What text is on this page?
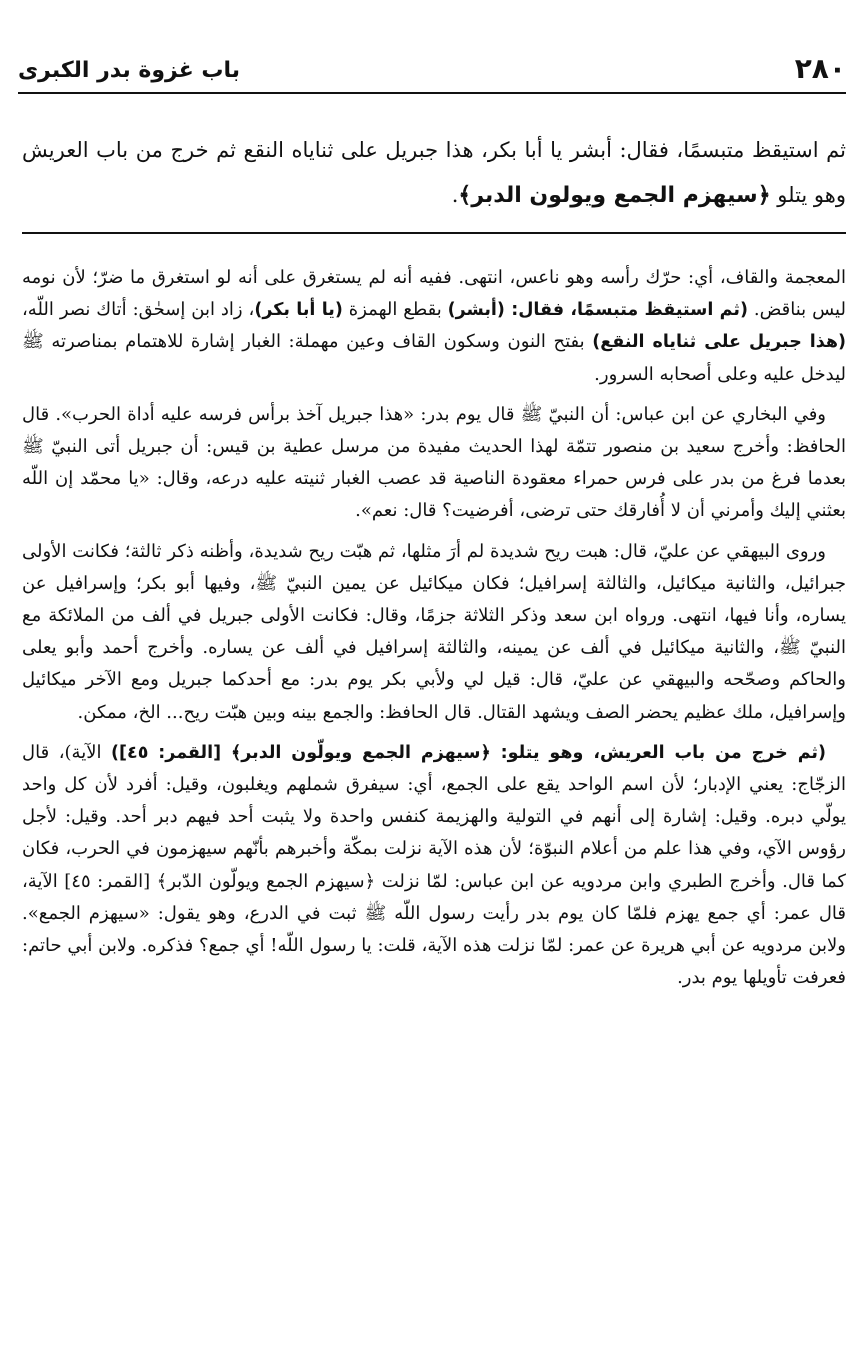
٢٨٠
باب غزوة بدر الكبرى
ثم استيقظ متبسمًا، فقال: أبشر يا أبا بكر، هذا جبريل على ثناياه النقع ثم خرج من باب العريش وهو يتلو ﴿سيهزم الجمع ويولون الدبر﴾.

المعجمة والقاف، أي: حرّك رأسه وهو ناعس، انتهى. ففيه أنه لم يستغرق على أنه لو استغرق ما ضرّ؛ لأن نومه ليس بناقض. (ثم استيقظ متبسمًا، فقال: (أبشر) بقطع الهمزة (يا أبا بكر)، زاد ابن إسحٰق: أتاك نصر اللّه، (هذا جبريل على ثناياه النقع) بفتح النون وسكون القاف وعين مهملة: الغبار إشارة للاهتمام بمناصرته ﷺ ليدخل عليه وعلى أصحابه السرور.

وفي البخاري عن ابن عباس: أن النبيّ ﷺ قال يوم بدر: «هذا جبريل آخذ برأس فرسه عليه أداة الحرب». قال الحافظ: وأخرج سعيد بن منصور تتمّة لهذا الحديث مفيدة من مرسل عطية بن قيس: أن جبريل أتى النبيّ ﷺ بعدما فرغ من بدر على فرس حمراء معقودة الناصية قد عصب الغبار ثنيته عليه درعه، وقال: «يا محمّد إن اللّه بعثني إليك وأمرني أن لا أُفارقك حتى ترضى، أفرضيت؟ قال: نعم».

وروى البيهقي عن عليّ، قال: هبت ريح شديدة لم أرَ مثلها، ثم هبّت ريح شديدة، وأظنه ذكر ثالثة؛ فكانت الأولى جبرائيل، والثانية ميكائيل، والثالثة إسرافيل؛ فكان ميكائيل عن يمين النبيّ ﷺ، وفيها أبو بكر؛ وإسرافيل عن يساره، وأنا فيها، انتهى. ورواه ابن سعد وذكر الثلاثة جزمًا، وقال: فكانت الأولى جبريل في ألف من الملائكة مع النبيّ ﷺ، والثانية ميكائيل في ألف عن يمينه، والثالثة إسرافيل في ألف عن يساره. وأخرج أحمد وأبو يعلى والحاكم وصحّحه والبيهقي عن عليّ، قال: قيل لي ولأبي بكر يوم بدر: مع أحدكما جبريل ومع الآخر ميكائيل وإسرافيل، ملك عظيم يحضر الصف ويشهد القتال. قال الحافظ: والجمع بينه وبين هبّت ريح... الخ، ممكن.

(ثم خرج من باب العريش، وهو يتلو: ﴿سيهزم الجمع ويولّون الدبر﴾ [القمر: ٤٥]) الآية)، قال الزجّاج: يعني الإدبار؛ لأن اسم الواحد يقع على الجمع، أي: سيفرق شملهم ويغلبون، وقيل: أفرد لأن كل واحد يولّي دبره. وقيل: إشارة إلى أنهم في التولية والهزيمة كنفس واحدة ولا يثبت أحد فيهم دبر أحد. وقيل: لأجل رؤوس الآي، وفي هذا علم من أعلام النبوّة؛ لأن هذه الآية نزلت بمكّة وأخبرهم بأنّهم سيهزمون في الحرب، فكان كما قال. وأخرج الطبري وابن مردويه عن ابن عباس: لمّا نزلت ﴿سيهزم الجمع ويولّون الدّبر﴾ [القمر: ٤٥] الآية، قال عمر: أي جمع يهزم فلمّا كان يوم بدر رأيت رسول اللّه ﷺ ثبت في الدرع، وهو يقول: «سيهزم الجمع». ولابن مردويه عن أبي هريرة عن عمر: لمّا نزلت هذه الآية، قلت: يا رسول اللّه! أي جمع؟ فذكره. ولابن أبي حاتم: فعرفت تأويلها يوم بدر.
